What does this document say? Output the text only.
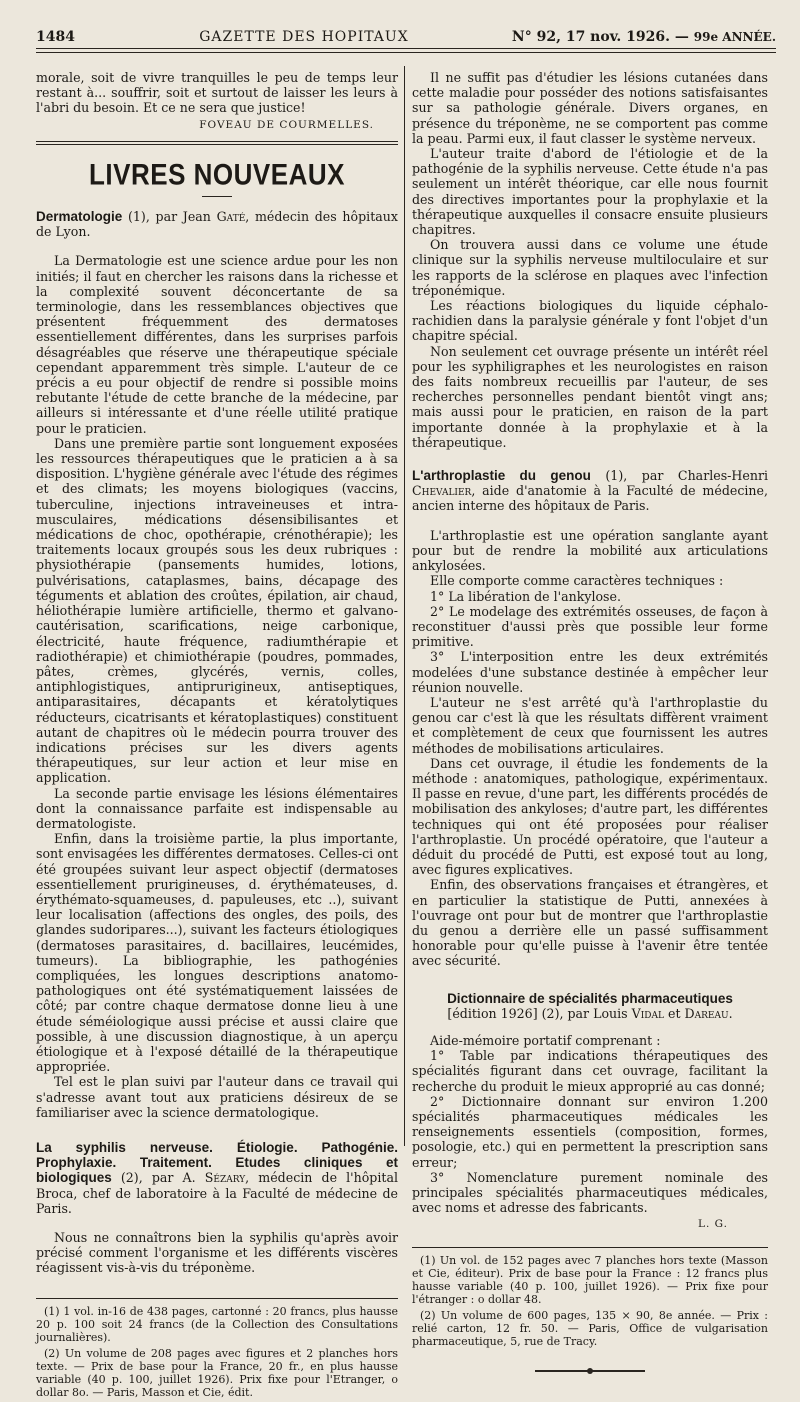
1484	GAZETTE DES HOPITAUX	N° 92, 17 nov. 1926. — 99e ANNÉE.

morale, soit de vivre tranquilles le peu de temps leur restant à... souffrir, soit et surtout de laisser les leurs à l'abri du besoin. Et ce ne sera que justice!

FOVEAU DE COURMELLES.
LIVRES NOUVEAUX

Dermatologie (1), par Jean Gaté, médecin des hôpitaux de Lyon.

La Dermatologie est une science ardue pour les non initiés; il faut en chercher les raisons dans la richesse et la complexité souvent déconcertante de sa terminologie, dans les ressemblances objectives que présentent fréquemment des dermatoses essentiellement différentes, dans les surprises parfois désagréables que réserve une thérapeutique spéciale cependant apparemment très simple. L'auteur de ce précis a eu pour objectif de rendre si possible moins rebutante l'étude de cette branche de la médecine, par ailleurs si intéressante et d'une réelle utilité pratique pour le praticien.

Dans une première partie sont longuement exposées les ressources thérapeutiques que le praticien a à sa disposition. L'hygiène générale avec l'étude des régimes et des climats; les moyens biologiques (vaccins, tuberculine, injections intraveineuses et intra-musculaires, médications désensibilisantes et médications de choc, opothérapie, crénothérapie); les traitements locaux groupés sous les deux rubriques : physiothérapie (pansements humides, lotions, pulvérisations, cataplasmes, bains, décapage des téguments et ablation des croûtes, épilation, air chaud, héliothérapie lumière artificielle, thermo et galvano-cautérisation, scarifications, neige carbonique, électricité, haute fréquence, radiumthérapie et radiothérapie) et chimiothérapie (poudres, pommades, pâtes, crèmes, glycérés, vernis, colles, antiphlogistiques, antiprurigineux, antiseptiques, antiparasitaires, décapants et kératolytiques réducteurs, cicatrisants et kératoplastiques) constituent autant de chapitres où le médecin pourra trouver des indications précises sur les divers agents thérapeutiques, sur leur action et leur mise en application.

La seconde partie envisage les lésions élémentaires dont la connaissance parfaite est indispensable au dermatologiste.

Enfin, dans la troisième partie, la plus importante, sont envisagées les différentes dermatoses. Celles-ci ont été groupées suivant leur aspect objectif (dermatoses essentiellement prurigineuses, d. érythémateuses, d. érythémato-squameuses, d. papuleuses, etc ..), suivant leur localisation (affections des ongles, des poils, des glandes sudoripares...), suivant les facteurs étiologiques (dermatoses parasitaires, d. bacillaires, leucémides, tumeurs). La bibliographie, les pathogénies compliquées, les longues descriptions anatomo-pathologiques ont été systématiquement laissées de côté; par contre chaque dermatose donne lieu à une étude séméiologique aussi précise et aussi claire que possible, à une discussion diagnostique, à un aperçu étiologique et à l'exposé détaillé de la thérapeutique appropriée.

Tel est le plan suivi par l'auteur dans ce travail qui s'adresse avant tout aux praticiens désireux de se familiariser avec la science dermatologique.

La syphilis nerveuse. Étiologie. Pathogénie. Prophylaxie. Traitement. Etudes cliniques et biologiques (2), par A. Sézary, médecin de l'hôpital Broca, chef de laboratoire à la Faculté de médecine de Paris.

Nous ne connaîtrons bien la syphilis qu'après avoir précisé comment l'organisme et les différents viscères réagissent vis-à-vis du tréponème.

(1) 1 vol. in-16 de 438 pages, cartonné : 20 francs, plus hausse 20 p. 100 soit 24 francs (de la Collection des Consultations journalières).

(2) Un volume de 208 pages avec figures et 2 planches hors texte. — Prix de base pour la France, 20 fr., en plus hausse variable (40 p. 100, juillet 1926). Prix fixe pour l'Etranger, o dollar 8o. — Paris, Masson et Cie, édit.

Il ne suffit pas d'étudier les lésions cutanées dans cette maladie pour posséder des notions satisfaisantes sur sa pathologie générale. Divers organes, en présence du tréponème, ne se comportent pas comme la peau. Parmi eux, il faut classer le système nerveux.

L'auteur traite d'abord de l'étiologie et de la pathogénie de la syphilis nerveuse. Cette étude n'a pas seulement un intérêt théorique, car elle nous fournit des directives importantes pour la prophylaxie et la thérapeutique auxquelles il consacre ensuite plusieurs chapitres.

On trouvera aussi dans ce volume une étude clinique sur la syphilis nerveuse multiloculaire et sur les rapports de la sclérose en plaques avec l'infection tréponémique.

Les réactions biologiques du liquide céphalo-rachidien dans la paralysie générale y font l'objet d'un chapitre spécial.

Non seulement cet ouvrage présente un intérêt réel pour les syphiligraphes et les neurologistes en raison des faits nombreux recueillis par l'auteur, de ses recherches personnelles pendant bientôt vingt ans; mais aussi pour le praticien, en raison de la part importante donnée à la prophylaxie et à la thérapeutique.

L'arthroplastie du genou (1), par Charles-Henri Chevalier, aide d'anatomie à la Faculté de médecine, ancien interne des hôpitaux de Paris.

L'arthroplastie est une opération sanglante ayant pour but de rendre la mobilité aux articulations ankylosées.

Elle comporte comme caractères techniques :

1° La libération de l'ankylose.

2° Le modelage des extrémités osseuses, de façon à reconstituer d'aussi près que possible leur forme primitive.

3° L'interposition entre les deux extrémités modelées d'une substance destinée à empêcher leur réunion nouvelle.

L'auteur ne s'est arrêté qu'à l'arthroplastie du genou car c'est là que les résultats diffèrent vraiment et complètement de ceux que fournissent les autres méthodes de mobilisations articulaires.

Dans cet ouvrage, il étudie les fondements de la méthode : anatomiques, pathologique, expérimentaux. Il passe en revue, d'une part, les différents procédés de mobilisation des ankyloses; d'autre part, les différentes techniques qui ont été proposées pour réaliser l'arthroplastie. Un procédé opératoire, que l'auteur a déduit du procédé de Putti, est exposé tout au long, avec figures explicatives.

Enfin, des observations françaises et étrangères, et en particulier la statistique de Putti, annexées à l'ouvrage ont pour but de montrer que l'arthroplastie du genou a derrière elle un passé suffisamment honorable pour qu'elle puisse à l'avenir être tentée avec sécurité.

Dictionnaire de spécialités pharmaceutiques
[édition 1926] (2), par Louis Vidal et Dareau.

Aide-mémoire portatif comprenant :

1° Table par indications thérapeutiques des spécialités figurant dans cet ouvrage, facilitant la recherche du produit le mieux approprié au cas donné;

2° Dictionnaire donnant sur environ 1.200 spécialités pharmaceutiques médicales les renseignements essentiels (composition, formes, posologie, etc.) qui en permettent la prescription sans erreur;

3° Nomenclature purement nominale des principales spécialités pharmaceutiques médicales, avec noms et adresse des fabricants.

L. G.

(1) Un vol. de 152 pages avec 7 planches hors texte (Masson et Cie, éditeur). Prix de base pour la France : 12 francs plus hausse variable (40 p. 100, juillet 1926). — Prix fixe pour l'étranger : o dollar 48.

(2) Un volume de 600 pages, 135 × 90, 8e année. — Prix : relié carton, 12 fr. 50. — Paris, Office de vulgarisation pharmaceutique, 5, rue de Tracy.
